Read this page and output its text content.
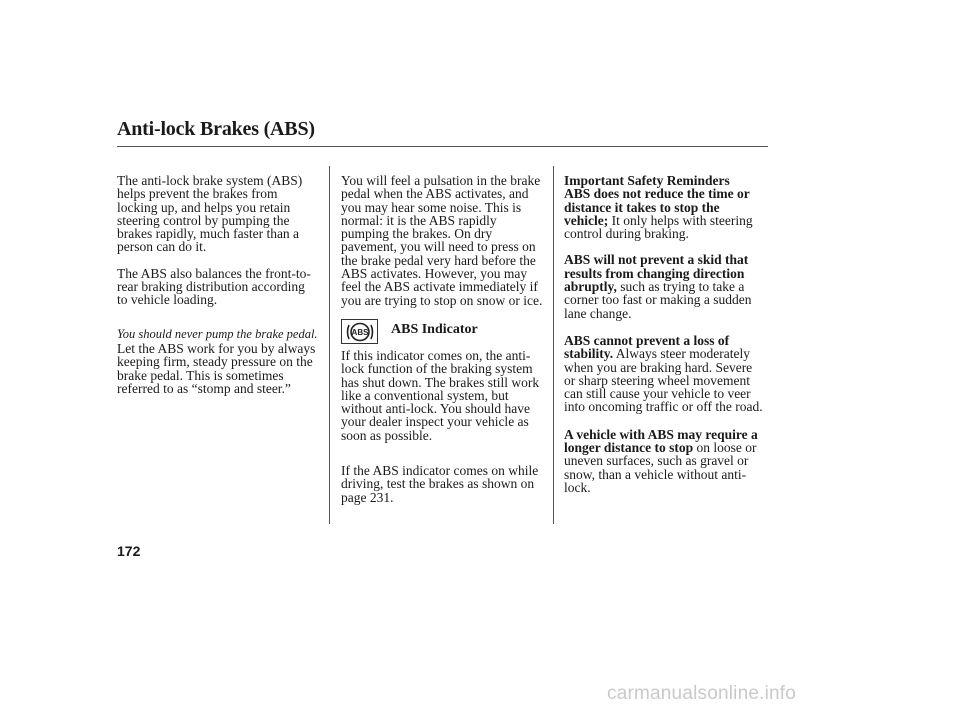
Anti-lock Brakes (ABS)

The anti-lock brake system (ABS)
helps prevent the brakes from
locking up, and helps you retain
steering control by pumping the
brakes rapidly, much faster than a
person can do it.

The ABS also balances the front-to-
rear braking distribution according
to vehicle loading.

You should never pump the brake pedal.

Let the ABS work for you by always
keeping firm, steady pressure on the
brake pedal. This is sometimes
referred to as “stomp and steer.”

You will feel a pulsation in the brake
pedal when the ABS activates, and
you may hear some noise. This is
normal: it is the ABS rapidly
pumping the brakes. On dry
pavement, you will need to press on
the brake pedal very hard before the
ABS activates. However, you may
feel the ABS activate immediately if
you are trying to stop on snow or ice.

ABS ABS Indicator

If this indicator comes on, the anti-
lock function of the braking system
has shut down. The brakes still work
like a conventional system, but
without anti-lock. You should have
your dealer inspect your vehicle as
soon as possible.

If the ABS indicator comes on while
driving, test the brakes as shown on
page 231.

Important Safety Reminders

ABS does not reduce the time or
distance it takes to stop the
vehicle; It only helps with steering
control during braking.

ABS will not prevent a skid that
results from changing direction
abruptly, such as trying to take a
corner too fast or making a sudden
lane change.

ABS cannot prevent a loss of
stability. Always steer moderately
when you are braking hard. Severe
or sharp steering wheel movement
can still cause your vehicle to veer
into oncoming traffic or off the road.

A vehicle with ABS may require a
longer distance to stop on loose or
uneven surfaces, such as gravel or
snow, than a vehicle without anti-
lock.

172
carmanualsonline.info
